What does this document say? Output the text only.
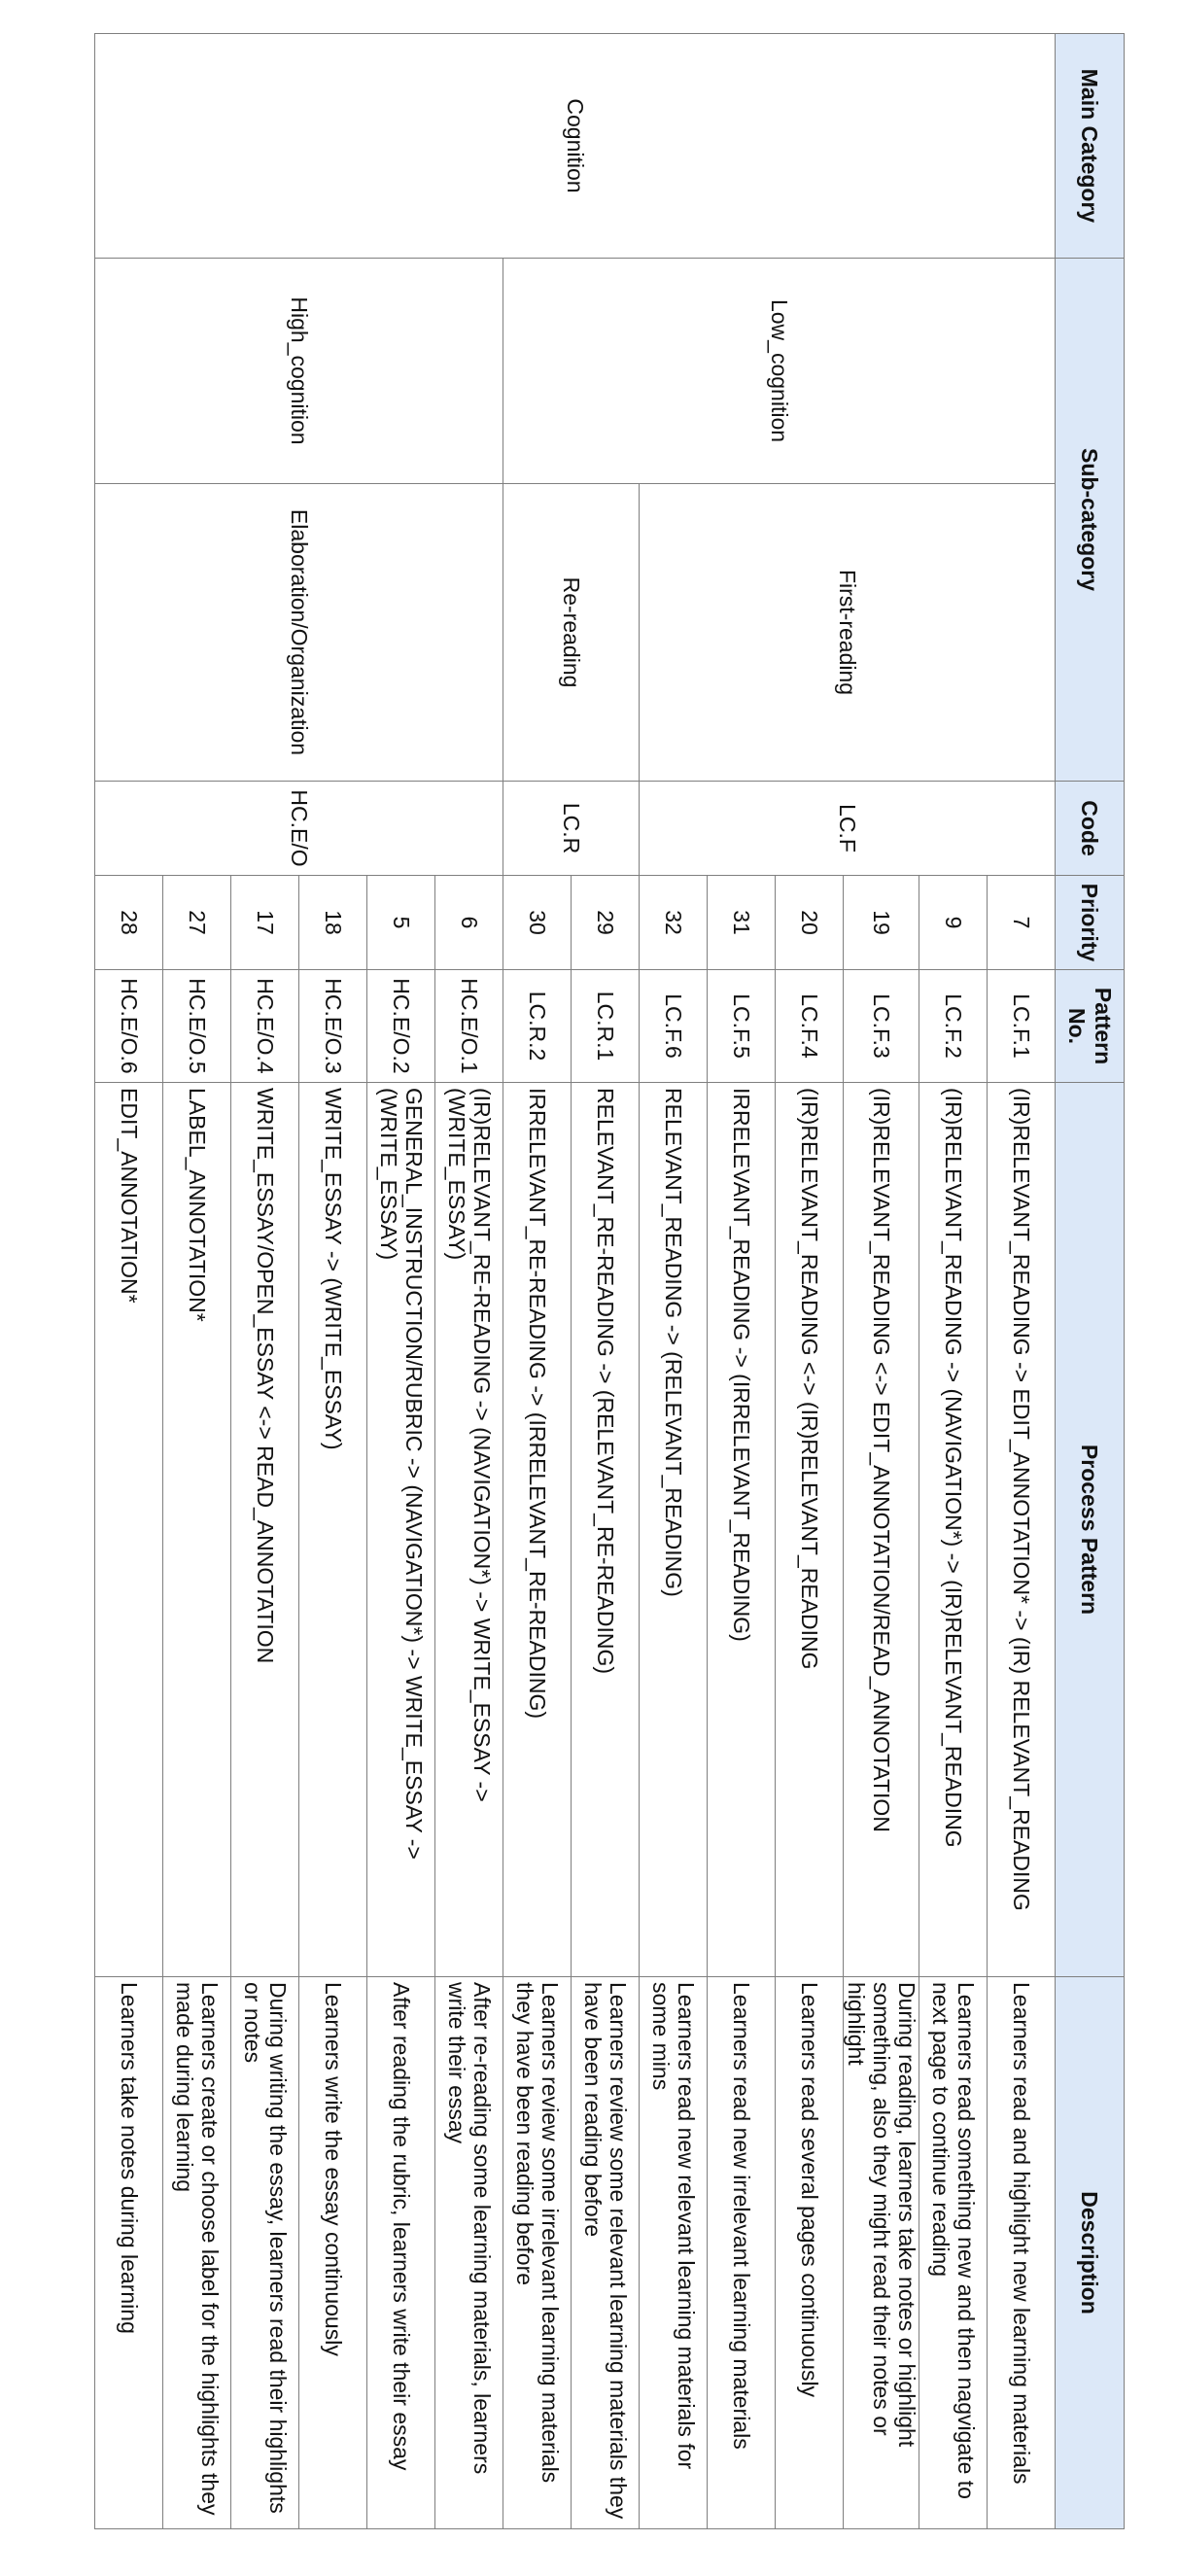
Main Category	Sub-category		Code	Priority	Pattern No.	Process Pattern	Description
Cognition	Low_cognition	First-reading	LC.F	7	LC.F.1	(IR)RELEVANT_READING -> EDIT_ANNOTATION* -> (IR) RELEVANT_READING	Learners read and highlight new learning materials
				9	LC.F.2	(IR)RELEVANT_READING -> (NAVIGATION*) -> (IR)RELEVANT_READING	Learners read something new and then nagvigate to next page to continue reading
				19	LC.F.3	(IR)RELEVANT_READING <-> EDIT_ANNOTATION/READ_ANNOTATION	During reading, learners take notes or highlight something, also they might read their notes or highlight
				20	LC.F.4	(IR)RELEVANT_READING <-> (IR)RELEVANT_READING	Learners read several pages continuously
				31	LC.F.5	IRRELEVANT_READING -> (IRRELEVANT_READING)	Learners read new irrelevant learning materials
				32	LC.F.6	RELEVANT_READING -> (RELEVANT_READING)	Learners read new relevant learning materials for some mins
		Re-reading	LC.R	29	LC.R.1	RELEVANT_RE-READING -> (RELEVANT_RE-READING)	Learners review some relevant learning materials they have been reading before
				30	LC.R.2	IRRELEVANT_RE-READING -> (IRRELEVANT_RE-READING)	Learners review some irrelevant learning materials they have been reading before
	High_cognition	Elaboration/Organization	HC.E/O	6	HC.E/O.1	(IR)RELEVANT_RE-READING -> (NAVIGATION*) -> WRITE_ESSAY -> (WRITE_ESSAY)	After re-reading some learning materials, learners write their essay
				5	HC.E/O.2	GENERAL_INSTRUCTION/RUBRIC -> (NAVIGATION*) -> WRITE_ESSAY -> (WRITE_ESSAY)	After reading the rubric, learners write their essay
				18	HC.E/O.3	WRITE_ESSAY -> (WRITE_ESSAY)	Learners write the essay continuously
				17	HC.E/O.4	WRITE_ESSAY/OPEN_ESSAY <-> READ_ANNOTATION	During writing the essay, learners read their highlights or notes
				27	HC.E/O.5	LABEL_ANNOTATION*	Learners create or choose label for the highlights they made during learning
				28	HC.E/O.6	EDIT_ANNOTATION*	Learners take notes during learning
